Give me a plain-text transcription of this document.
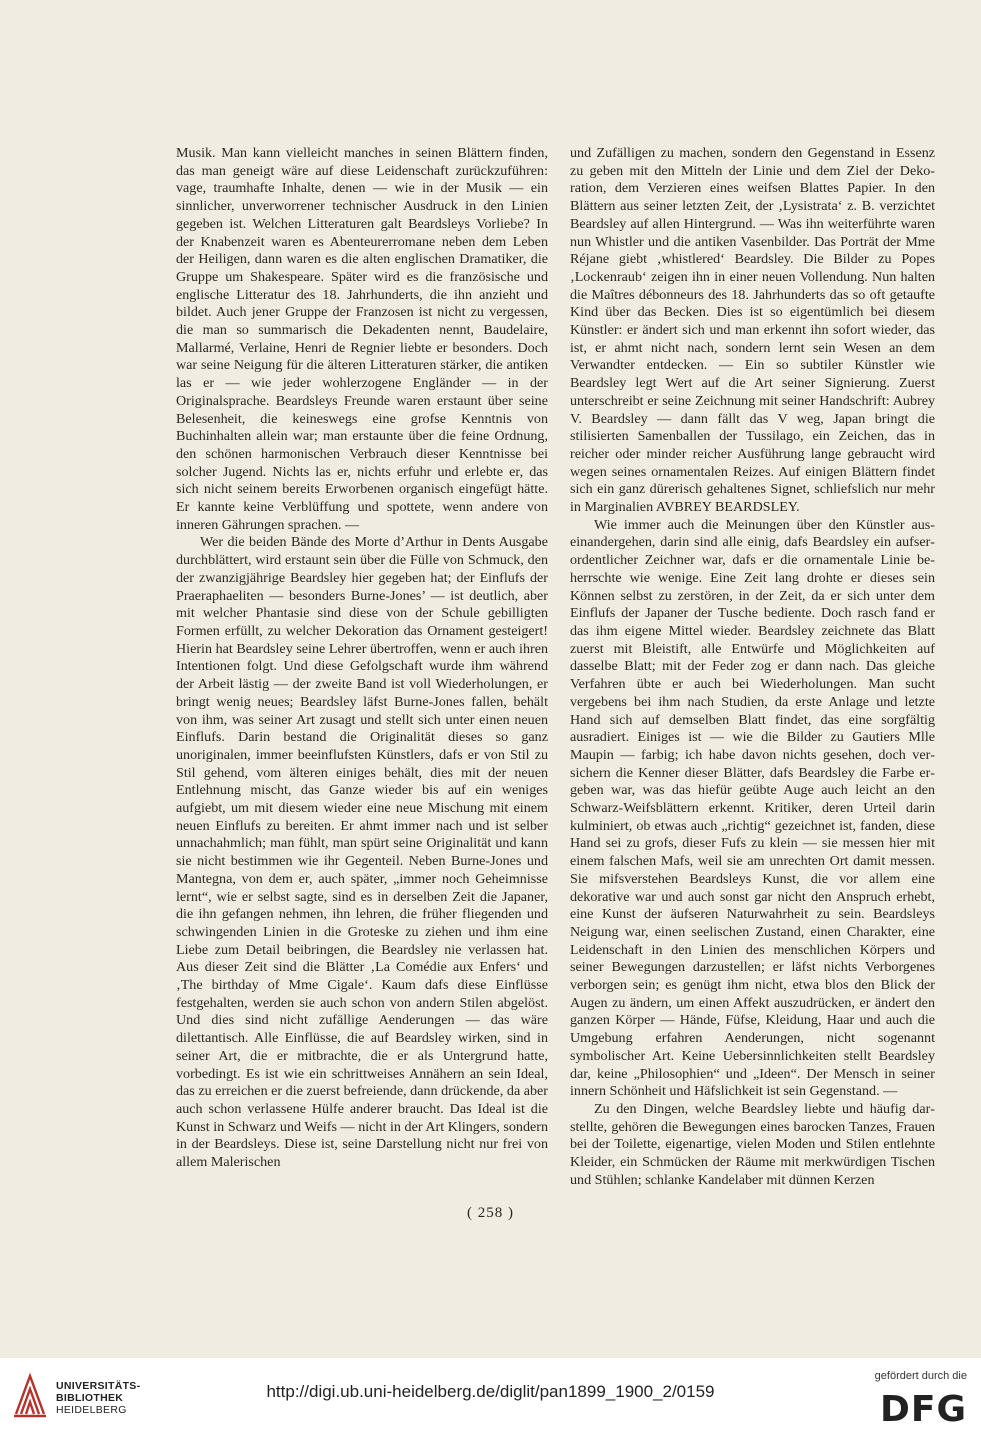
Musik. Man kann vielleicht manches in seinen Blättern finden, das man geneigt wäre auf diese Leidenschaft zurückzuführen: vage, traumhafte Inhalte, denen — wie in der Musik — ein sinnlicher, unverworrener technischer Ausdruck in den Linien gegeben ist. Welchen Litteraturen galt Beardsleys Vorliebe? In der Knabenzeit waren es Abenteurerromane neben dem Leben der Heiligen, dann waren es die alten englischen Dramatiker, die Gruppe um Shakespeare. Später wird es die französische und englische Litteratur des 18. Jahrhunderts, die ihn anzieht und bildet. Auch jener Gruppe der Franzosen ist nicht zu vergessen, die man so summarisch die Dekadenten nennt, Baudelaire, Mallarmé, Verlaine, Henri de Regnier liebte er besonders. Doch war seine Neigung für die älteren Litteraturen stärker, die antiken las er — wie jeder wohlerzogene Engländer — in der Originalsprache. Beardsleys Freunde waren erstaunt über seine Belesenheit, die keineswegs eine grofse Kenntnis von Buchinhalten allein war; man erstaunte über die feine Ordnung, den schönen harmonischen Verbrauch dieser Kenntnisse bei solcher Jugend. Nichts las er, nichts erfuhr und erlebte er, das sich nicht seinem bereits Erworbenen organisch eingefügt hätte. Er kannte keine Verblüffung und spottete, wenn andere von inneren Gährungen sprachen. —

Wer die beiden Bände des Morte d’Arthur in Dents Ausgabe durchblättert, wird erstaunt sein über die Fülle von Schmuck, den der zwanzigjährige Beardsley hier gegeben hat; der Einflufs der Praeraphaeliten — besonders Burne-Jones’ — ist deutlich, aber mit welcher Phantasie sind diese von der Schule gebilligten Formen erfüllt, zu welcher Dekoration das Ornament gesteigert! Hierin hat Beardsley seine Lehrer übertroffen, wenn er auch ihren Intentionen folgt. Und diese Gefolgschaft wurde ihm während der Arbeit lästig — der zweite Band ist voll Wiederholungen, er bringt wenig neues; Beardsley läfst Burne-Jones fallen, behält von ihm, was seiner Art zusagt und stellt sich unter einen neuen Einflufs. Darin bestand die Originalität dieses so ganz unoriginalen, immer beeinflufsten Künstlers, dafs er von Stil zu Stil gehend, vom älteren einiges behält, dies mit der neuen Entlehnung mischt, das Ganze wieder bis auf ein weniges aufgiebt, um mit diesem wieder eine neue Mischung mit einem neuen Einflufs zu bereiten. Er ahmt immer nach und ist selber unnachahmlich; man fühlt, man spürt seine Originalität und kann sie nicht bestimmen wie ihr Gegenteil. Neben Burne-Jones und Mantegna, von dem er, auch später, „immer noch Geheimnisse lernt“, wie er selbst sagte, sind es in derselben Zeit die Japaner, die ihn gefangen nehmen, ihn lehren, die früher fliegenden und schwingenden Linien in die Groteske zu ziehen und ihm eine Liebe zum Detail beibringen, die Beardsley nie verlassen hat. Aus dieser Zeit sind die Blätter ‚La Comédie aux Enfers‘ und ‚The birthday of Mme Cigale‘. Kaum dafs diese Einflüsse festgehalten, werden sie auch schon von andern Stilen abgelöst. Und dies sind nicht zufällige Aenderungen — das wäre dilettantisch. Alle Einflüsse, die auf Beardsley wirken, sind in seiner Art, die er mitbrachte, die er als Untergrund hatte, vorbedingt. Es ist wie ein schrittweises Annähern an sein Ideal, das zu erreichen er die zuerst befreiende, dann drückende, da aber auch schon verlassene Hülfe anderer braucht. Das Ideal ist die Kunst in Schwarz und Weifs — nicht in der Art Klingers, sondern in der Beardsleys. Diese ist, seine Darstellung nicht nur frei von allem Malerischen

und Zufälligen zu machen, sondern den Gegenstand in Essenz zu geben mit den Mitteln der Linie und dem Ziel der Dekoration, dem Verzieren eines weifsen Blattes Papier. In den Blättern aus seiner letzten Zeit, der ‚Lysistrata‘ z. B. verzichtet Beardsley auf allen Hintergrund. — Was ihn weiterführte waren nun Whistler und die antiken Vasenbilder. Das Porträt der Mme Réjane giebt ‚whistlered‘ Beardsley. Die Bilder zu Popes ‚Lockenraub‘ zeigen ihn in einer neuen Vollendung. Nun halten die Maîtres débonneurs des 18. Jahrhunderts das so oft getaufte Kind über das Becken. Dies ist so eigentümlich bei diesem Künstler: er ändert sich und man erkennt ihn sofort wieder, das ist, er ahmt nicht nach, sondern lernt sein Wesen an dem Verwandter entdecken. — Ein so subtiler Künstler wie Beardsley legt Wert auf die Art seiner Signierung. Zuerst unterschreibt er seine Zeichnung mit seiner Handschrift: Aubrey V. Beardsley — dann fällt das V weg, Japan bringt die stilisierten Samenballen der Tussilago, ein Zeichen, das in reicher oder minder reicher Ausführung lange gebraucht wird wegen seines ornamentalen Reizes. Auf einigen Blättern findet sich ein ganz dürerisch gehaltenes Signet, schliefslich nur mehr in Marginalien AVBREY BEARDSLEY.

Wie immer auch die Meinungen über den Künstler auseinandergehen, darin sind alle einig, dafs Beardsley ein aufserordentlicher Zeichner war, dafs er die ornamentale Linie beherrschte wie wenige. Eine Zeit lang drohte er dieses sein Können selbst zu zerstören, in der Zeit, da er sich unter dem Einflufs der Japaner der Tusche bediente. Doch rasch fand er das ihm eigene Mittel wieder. Beardsley zeichnete das Blatt zuerst mit Bleistift, alle Entwürfe und Möglichkeiten auf dasselbe Blatt; mit der Feder zog er dann nach. Das gleiche Verfahren übte er auch bei Wiederholungen. Man sucht vergebens bei ihm nach Studien, da erste Anlage und letzte Hand sich auf demselben Blatt findet, das eine sorgfältig ausradiert. Einiges ist — wie die Bilder zu Gautiers Mlle Maupin — farbig; ich habe davon nichts gesehen, doch versichern die Kenner dieser Blätter, dafs Beardsley die Farbe ergeben war, was das hiefür geübte Auge auch leicht an den Schwarz-Weifsblättern erkennt. Kritiker, deren Urteil darin kulminiert, ob etwas auch „richtig“ gezeichnet ist, fanden, diese Hand sei zu grofs, dieser Fufs zu klein — sie messen hier mit einem falschen Mafs, weil sie am unrechten Ort damit messen. Sie mifsverstehen Beardsleys Kunst, die vor allem eine dekorative war und auch sonst gar nicht den Anspruch erhebt, eine Kunst der äufseren Naturwahrheit zu sein. Beardsleys Neigung war, einen seelischen Zustand, einen Charakter, eine Leidenschaft in den Linien des menschlichen Körpers und seiner Bewegungen darzustellen; er läfst nichts Verborgenes verborgen sein; es genügt ihm nicht, etwa blos den Blick der Augen zu ändern, um einen Affekt auszudrücken, er ändert den ganzen Körper — Hände, Füfse, Kleidung, Haar und auch die Umgebung erfahren Aenderungen, nicht sogenannt symbolischer Art. Keine Uebersinnlichkeiten stellt Beardsley dar, keine „Philosophien“ und „Ideen“. Der Mensch in seiner innern Schönheit und Häfslichkeit ist sein Gegenstand. —

Zu den Dingen, welche Beardsley liebte und häufig darstellte, gehören die Bewegungen eines barocken Tanzes, Frauen bei der Toilette, eigenartige, vielen Moden und Stilen entlehnte Kleider, ein Schmücken der Räume mit merkwürdigen Tischen und Stühlen; schlanke Kandelaber mit dünnen Kerzen

( 258 )
UNIVERSITÄTS-
BIBLIOTHEK
HEIDELBERG
http://digi.ub.uni-heidelberg.de/diglit/pan1899_1900_2/0159
gefördert durch die
DFG
